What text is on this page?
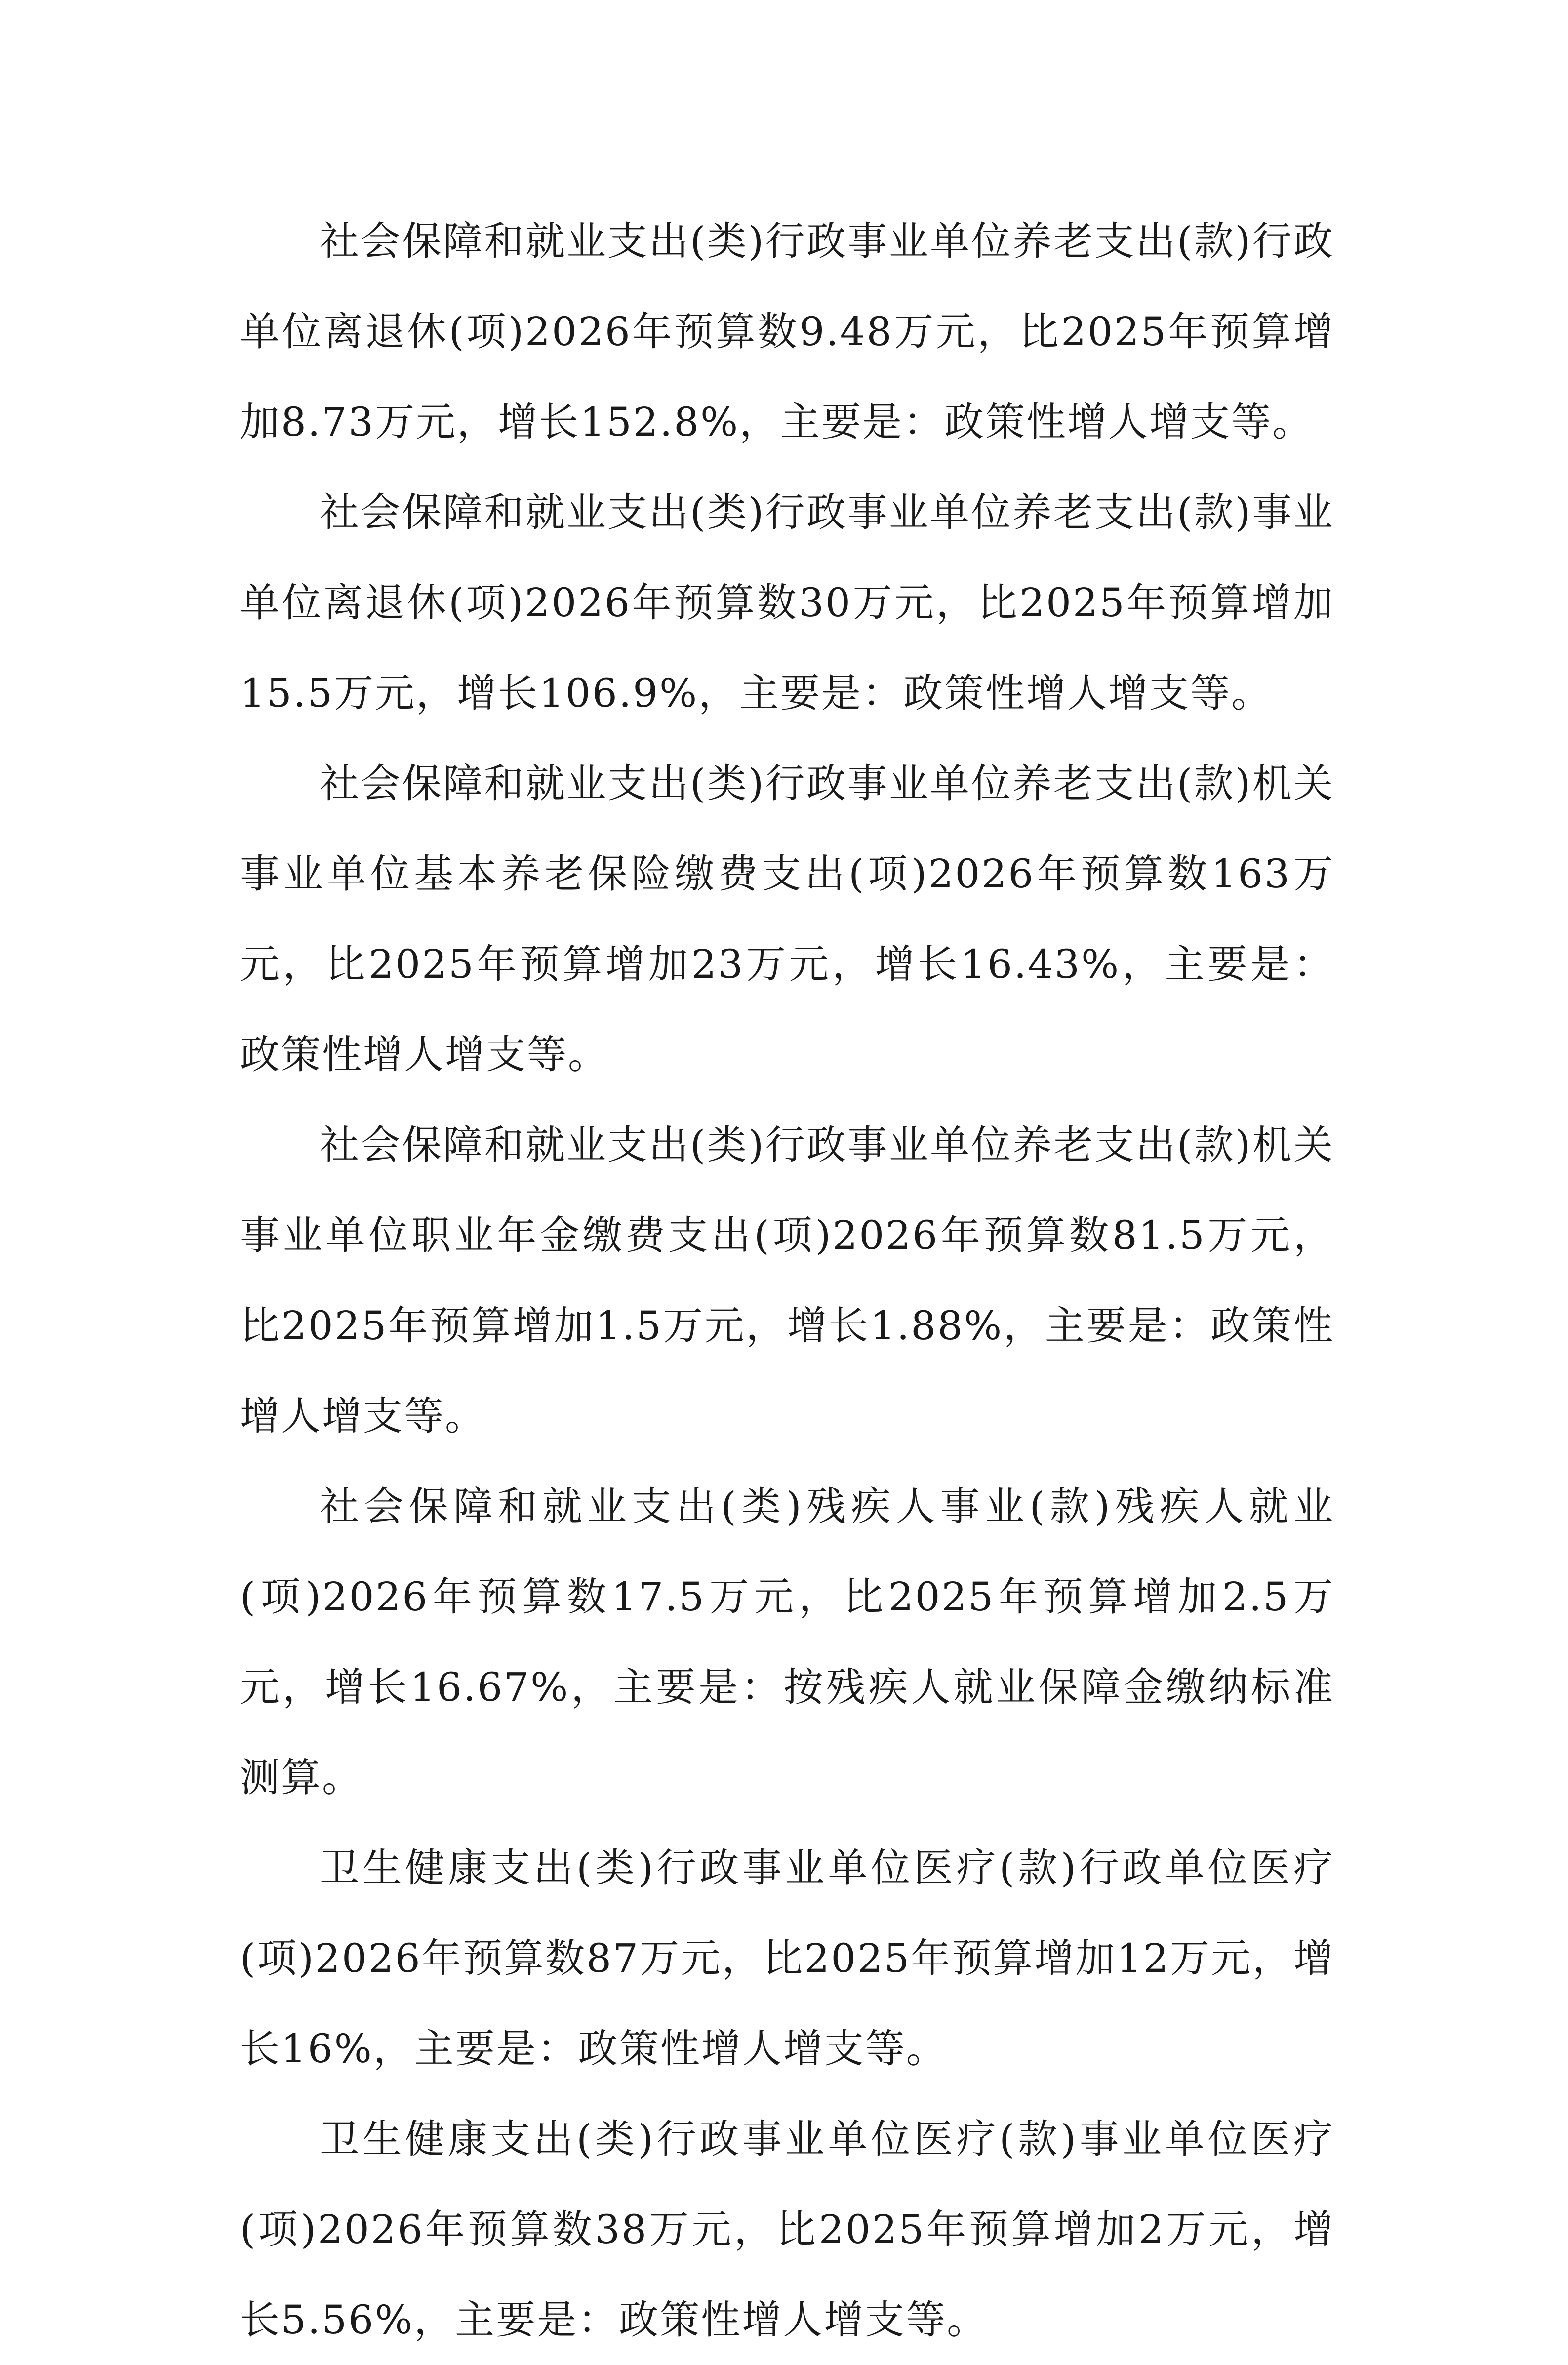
社会保障和就业支出(类)行政事业单位养老支出(款)行政单位离退休(项)2026年预算数9.48万元，比2025年预算增加8.73万元，增长152.8%，主要是：政策性增人增支等。

社会保障和就业支出(类)行政事业单位养老支出(款)事业单位离退休(项)2026年预算数30万元，比2025年预算增加15.5万元，增长106.9%，主要是：政策性增人增支等。

社会保障和就业支出(类)行政事业单位养老支出(款)机关事业单位基本养老保险缴费支出(项)2026年预算数163万元，比2025年预算增加23万元，增长16.43%，主要是：政策性增人增支等。

社会保障和就业支出(类)行政事业单位养老支出(款)机关事业单位职业年金缴费支出(项)2026年预算数81.5万元，比2025年预算增加1.5万元，增长1.88%，主要是：政策性增人增支等。

社会保障和就业支出(类)残疾人事业(款)残疾人就业(项)2026年预算数17.5万元，比2025年预算增加2.5万元，增长16.67%，主要是：按残疾人就业保障金缴纳标准测算。

卫生健康支出(类)行政事业单位医疗(款)行政单位医疗(项)2026年预算数87万元，比2025年预算增加12万元，增长16%，主要是：政策性增人增支等。

卫生健康支出(类)行政事业单位医疗(款)事业单位医疗(项)2026年预算数38万元，比2025年预算增加2万元，增长5.56%，主要是：政策性增人增支等。
